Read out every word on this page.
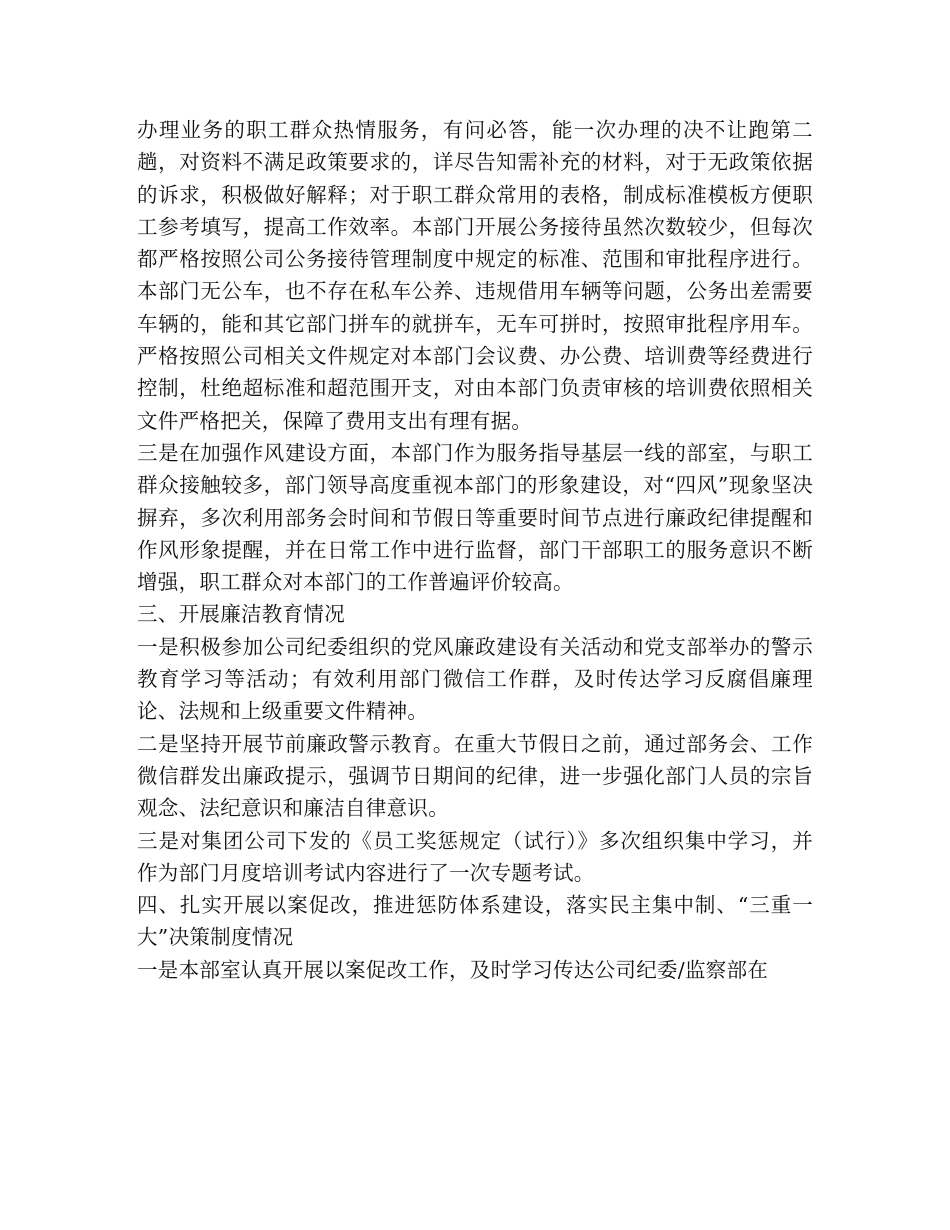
办理业务的职工群众热情服务，有问必答，能一次办理的决不让跑第二趟，对资料不满足政策要求的，详尽告知需补充的材料，对于无政策依据的诉求，积极做好解释；对于职工群众常用的表格，制成标准模板方便职工参考填写，提高工作效率。本部门开展公务接待虽然次数较少，但每次都严格按照公司公务接待管理制度中规定的标准、范围和审批程序进行。本部门无公车，也不存在私车公养、违规借用车辆等问题，公务出差需要车辆的，能和其它部门拼车的就拼车，无车可拼时，按照审批程序用车。严格按照公司相关文件规定对本部门会议费、办公费、培训费等经费进行控制，杜绝超标准和超范围开支，对由本部门负责审核的培训费依照相关文件严格把关，保障了费用支出有理有据。

三是在加强作风建设方面，本部门作为服务指导基层一线的部室，与职工群众接触较多，部门领导高度重视本部门的形象建设，对“四风”现象坚决摒弃，多次利用部务会时间和节假日等重要时间节点进行廉政纪律提醒和作风形象提醒，并在日常工作中进行监督，部门干部职工的服务意识不断增强，职工群众对本部门的工作普遍评价较高。

三、开展廉洁教育情况

一是积极参加公司纪委组织的党风廉政建设有关活动和党支部举办的警示教育学习等活动；有效利用部门微信工作群，及时传达学习反腐倡廉理论、法规和上级重要文件精神。

二是坚持开展节前廉政警示教育。在重大节假日之前，通过部务会、工作微信群发出廉政提示，强调节日期间的纪律，进一步强化部门人员的宗旨观念、法纪意识和廉洁自律意识。

三是对集团公司下发的《员工奖惩规定（试行）》多次组织集中学习，并作为部门月度培训考试内容进行了一次专题考试。

四、扎实开展以案促改，推进惩防体系建设，落实民主集中制、“三重一大”决策制度情况

一是本部室认真开展以案促改工作，及时学习传达公司纪委/监察部在
